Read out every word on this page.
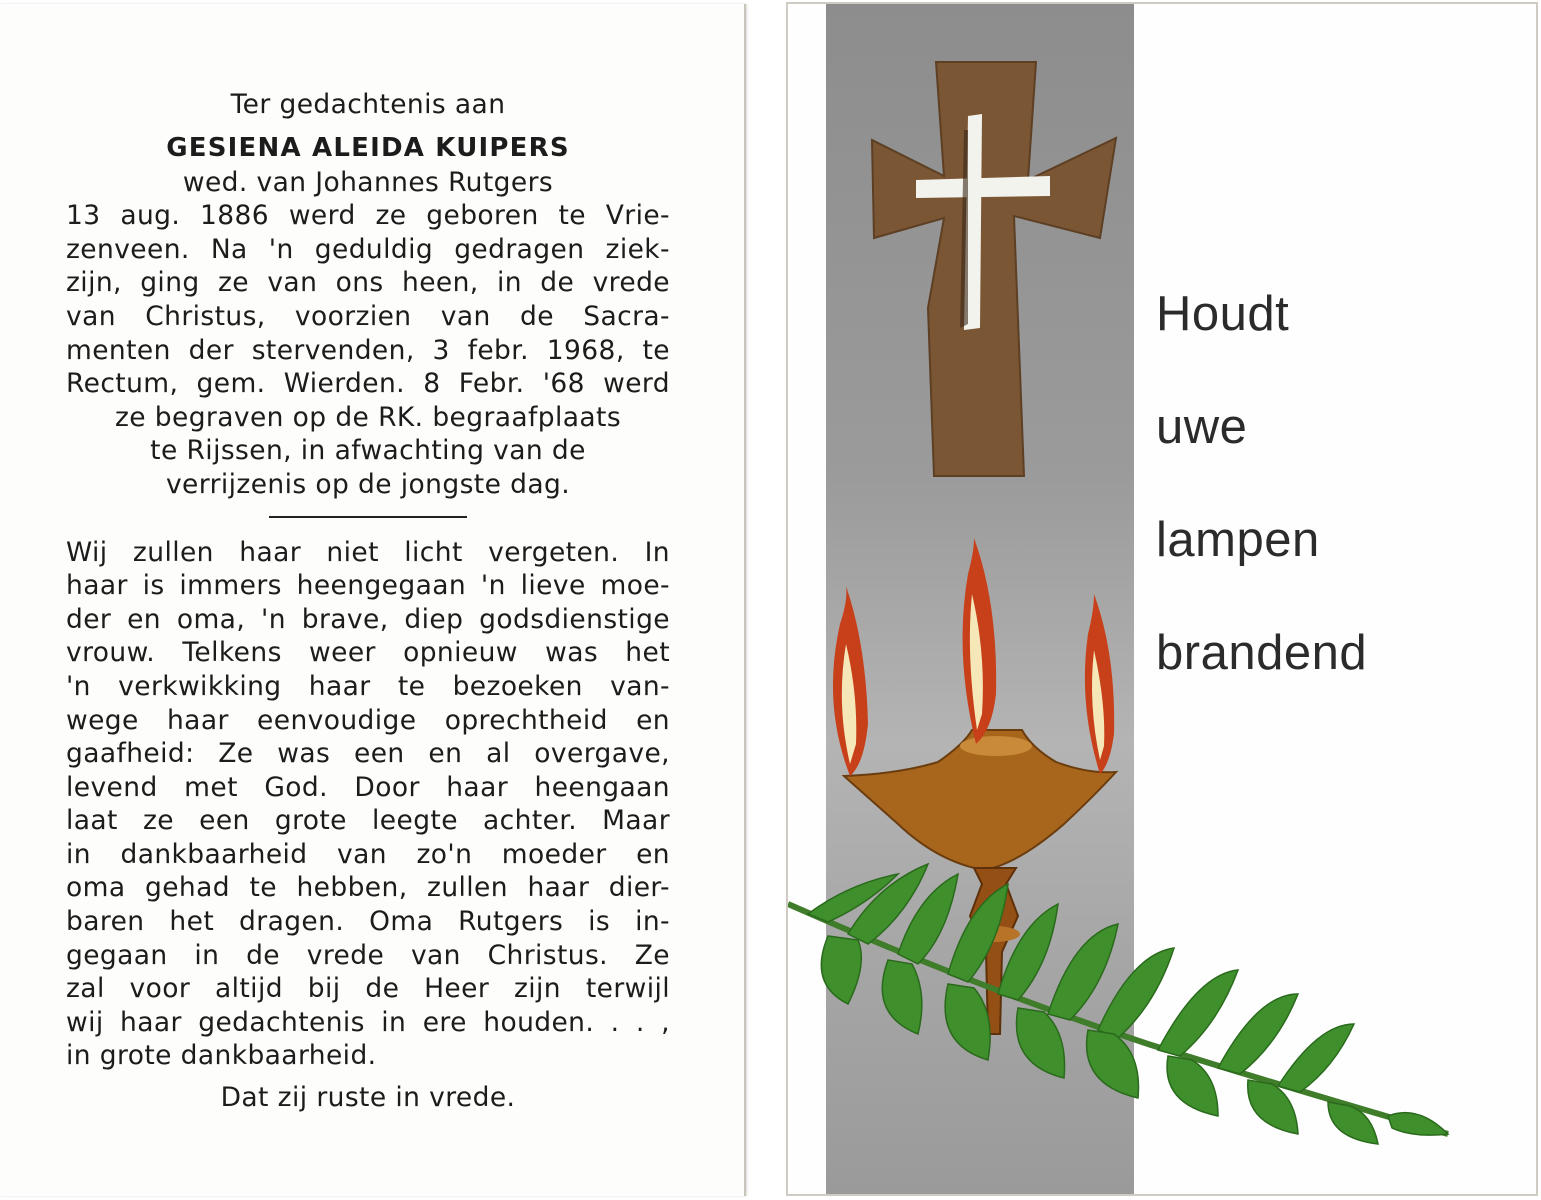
Ter gedachtenis aan

GESIENA ALEIDA KUIPERS

wed. van Johannes Rutgers

13 aug. 1886 werd ze geboren te Vrie-
zenveen. Na 'n geduldig gedragen ziek-
zijn, ging ze van ons heen, in de vrede
van Christus, voorzien van de Sacra-
menten der stervenden, 3 febr. 1968, te
Rectum, gem. Wierden. 8 Febr. '68 werd
ze begraven op de RK. begraafplaats
te Rijssen, in afwachting van de
verrijzenis op de jongste dag.
Wij zullen haar niet licht vergeten. In
haar is immers heengegaan 'n lieve moe-
der en oma, 'n brave, diep godsdienstige
vrouw. Telkens weer opnieuw was het
'n verkwikking haar te bezoeken van-
wege haar eenvoudige oprechtheid en
gaafheid: Ze was een en al overgave,
levend met God. Door haar heengaan
laat ze een grote leegte achter. Maar
in dankbaarheid van zo'n moeder en
oma gehad te hebben, zullen haar dier-
baren het dragen. Oma Rutgers is in-
gegaan in de vrede van Christus. Ze
zal voor altijd bij de Heer zijn terwijl
wij haar gedachtenis in ere houden. . . ,
in grote dankbaarheid.

Dat zij ruste in vrede.

Houdt
uwe
lampen
brandend
